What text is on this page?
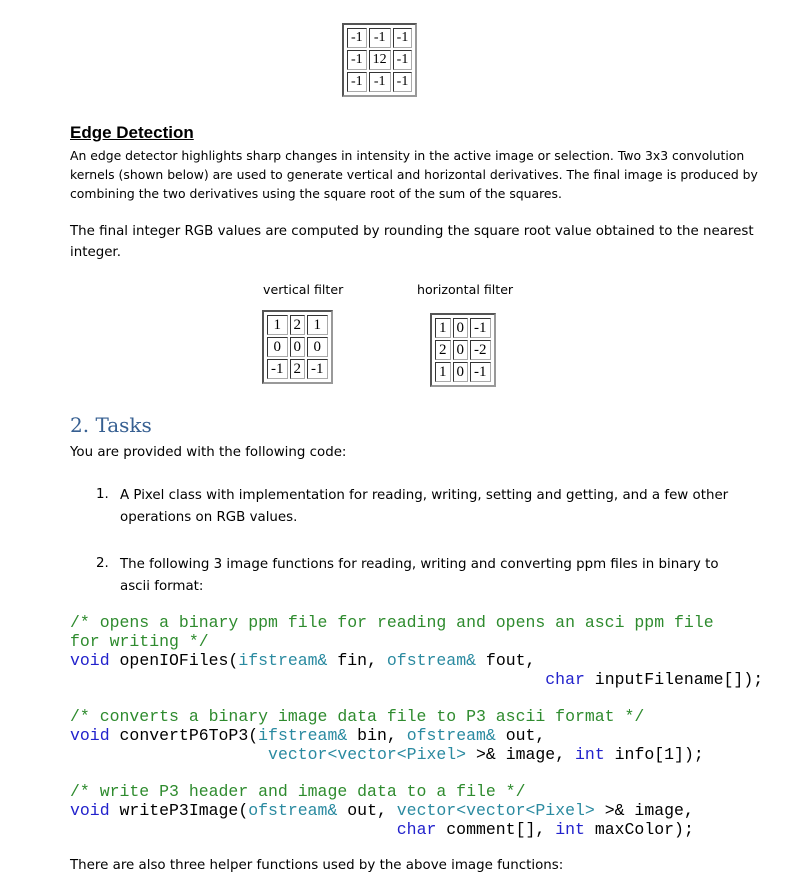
-1	-1	-1
-1	12	-1
-1	-1	-1
Edge Detection

An edge detector highlights sharp changes in intensity in the active image or selection. Two 3x3 convolution kernels (shown below) are used to generate vertical and horizontal derivatives. The final image is produced by combining the two derivatives using the square root of the sum of the squares.

The final integer RGB values are computed by rounding the square root value obtained to the nearest integer.

vertical filter	horizontal filter
1	2	1
0	0	0
-1	2	-1
1	0	-1
2	0	-2
1	0	-1
2. Tasks
You are provided with the following code:
1. A Pixel class with implementation for reading, writing, setting and getting, and a few other operations on RGB values.

2. The following 3 image functions for reading, writing and converting ppm files in binary to ascii format:

/* opens a binary ppm file for reading and opens an asci ppm file
for writing */
void openIOFiles(ifstream& fin, ofstream& fout,
char inputFilename[]);
/* converts a binary image data file to P3 ascii format */
void convertP6ToP3(ifstream& bin, ofstream& out,
vector<vector<Pixel> >& image, int info[1]);
/* write P3 header and image data to a file */
void writeP3Image(ofstream& out, vector<vector<Pixel> >& image,
char comment[], int maxColor);
There are also three helper functions used by the above image functions:
